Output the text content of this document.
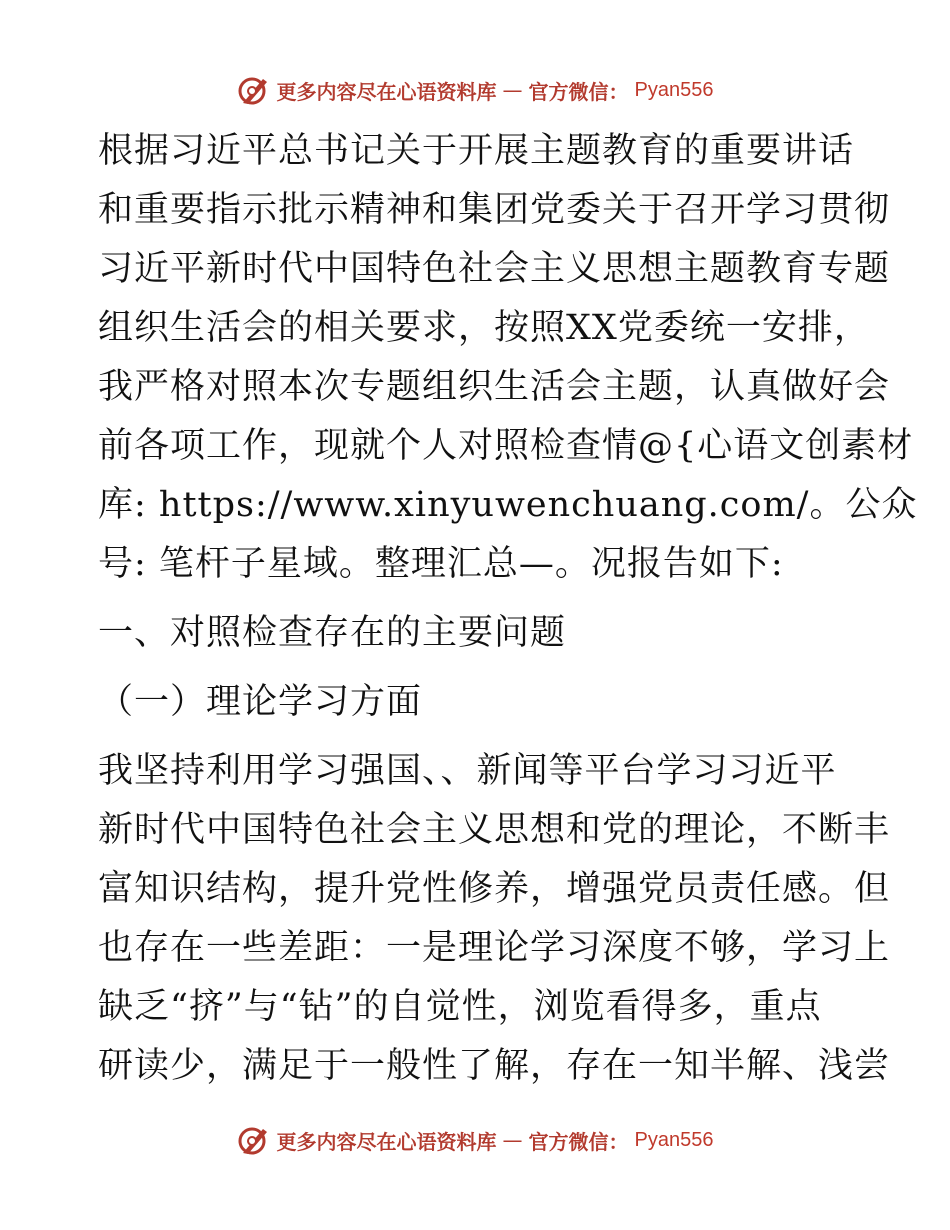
更多内容尽在心语资料库 — 官方微信： Pyan556
根据习近平总书记关于开展主题教育的重要讲话
和重要指示批示精神和集团党委关于召开学习贯彻
习近平新时代中国特色社会主义思想主题教育专题
组织生活会的相关要求，按照XX党委统一安排，
我严格对照本次专题组织生活会主题，认真做好会
前各项工作，现就个人对照检查情@{心语文创素材
库: https://www.xinyuwenchuang.com/。公众
号: 笔杆子星域。整理汇总—。况报告如下:
一、对照检查存在的主要问题
（一）理论学习方面
我坚持利用学习强国、、新闻等平台学习习近平
新时代中国特色社会主义思想和党的理论，不断丰
富知识结构，提升党性修养，增强党员责任感。但
也存在一些差距：一是理论学习深度不够，学习上
缺乏“挤”与“钻”的自觉性，浏览看得多，重点
研读少，满足于一般性了解，存在一知半解、浅尝
更多内容尽在心语资料库 — 官方微信： Pyan556
